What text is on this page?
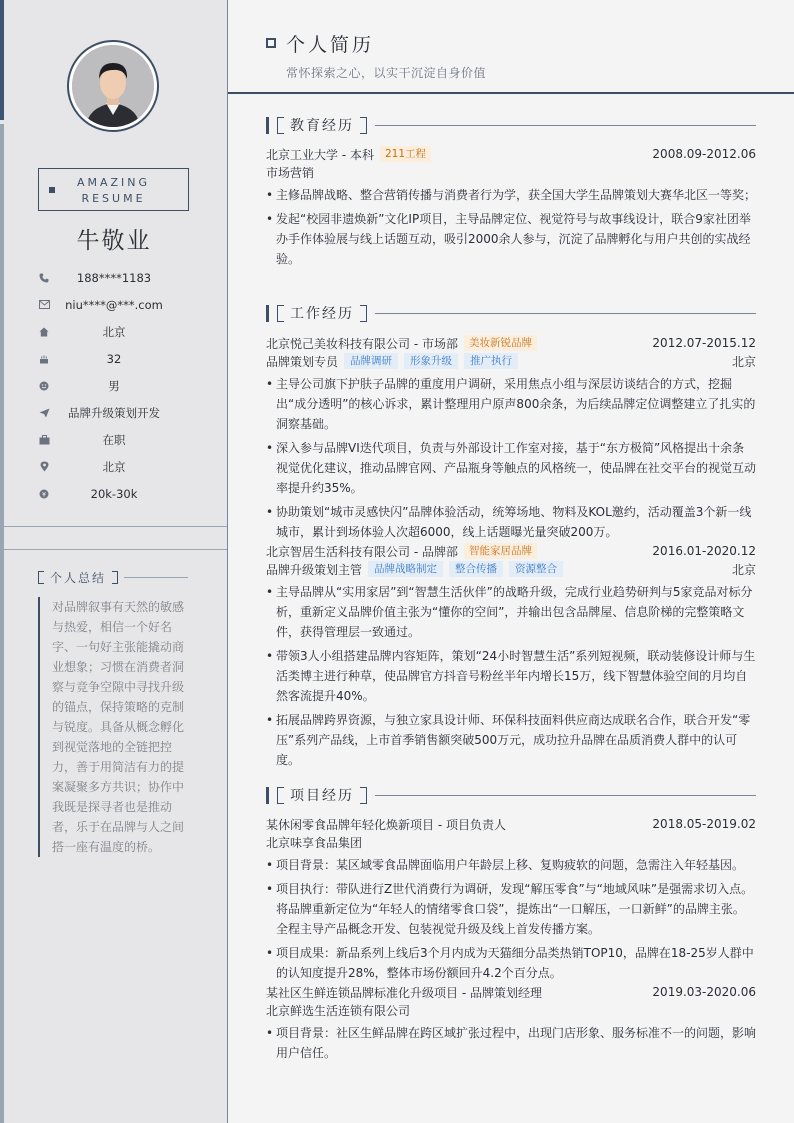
AMAZING
RESUME
牛敬业
188****1183
niu****@***.com
北京
32
男
品牌升级策划开发
在职
北京
20k-30k
个人总结
对品牌叙事有天然的敏感与热爱，相信一个好名字、一句好主张能撬动商业想象；习惯在消费者洞察与竞争空隙中寻找升级的锚点，保持策略的克制与锐度。具备从概念孵化到视觉落地的全链把控力，善于用简洁有力的提案凝聚多方共识；协作中我既是探寻者也是推动者，乐于在品牌与人之间搭一座有温度的桥。
个人简历
常怀探索之心，以实干沉淀自身价值
教育经历
北京工业大学 - 本科	211工程	2008.09-2012.06
市场营销
• 主修品牌战略、整合营销传播与消费者行为学，获全国大学生品牌策划大赛华北区一等奖；
• 发起“校园非遗焕新”文化IP项目，主导品牌定位、视觉符号与故事线设计，联合9家社团举办手作体验展与线上话题互动，吸引2000余人参与，沉淀了品牌孵化与用户共创的实战经验。
工作经历
北京悦己美妆科技有限公司 - 市场部	美妆新锐品牌	2012.07-2015.12
品牌策划专员	品牌调研	形象升级	推广执行	北京
• 主导公司旗下护肤子品牌的重度用户调研，采用焦点小组与深层访谈结合的方式，挖掘出“成分透明”的核心诉求，累计整理用户原声800余条，为后续品牌定位调整建立了扎实的洞察基础。
• 深入参与品牌VI迭代项目，负责与外部设计工作室对接，基于“东方极简”风格提出十余条视觉优化建议，推动品牌官网、产品瓶身等触点的风格统一，使品牌在社交平台的视觉互动率提升约35%。
• 协助策划“城市灵感快闪”品牌体验活动，统筹场地、物料及KOL邀约，活动覆盖3个新一线城市，累计到场体验人次超6000，线上话题曝光量突破200万。
北京智居生活科技有限公司 - 品牌部	智能家居品牌	2016.01-2020.12
品牌升级策划主管	品牌战略制定	整合传播	资源整合	北京
• 主导品牌从“实用家居”到“智慧生活伙伴”的战略升级，完成行业趋势研判与5家竞品对标分析，重新定义品牌价值主张为“懂你的空间”，并输出包含品牌屋、信息阶梯的完整策略文件，获得管理层一致通过。
• 带领3人小组搭建品牌内容矩阵，策划“24小时智慧生活”系列短视频，联动装修设计师与生活类博主进行种草，使品牌官方抖音号粉丝半年内增长15万，线下智慧体验空间的月均自然客流提升40%。
• 拓展品牌跨界资源，与独立家具设计师、环保科技面料供应商达成联名合作，联合开发“零压”系列产品线，上市首季销售额突破500万元，成功拉升品牌在品质消费人群中的认可度。
项目经历
某休闲零食品牌年轻化焕新项目 - 项目负责人	2018.05-2019.02
北京味享食品集团
• 项目背景：某区域零食品牌面临用户年龄层上移、复购疲软的问题，急需注入年轻基因。
• 项目执行：带队进行Z世代消费行为调研，发现“解压零食”与“地域风味”是强需求切入点。将品牌重新定位为“年轻人的情绪零食口袋”，提炼出“一口解压，一口新鲜”的品牌主张。全程主导产品概念开发、包装视觉升级及线上首发传播方案。
• 项目成果：新品系列上线后3个月内成为天猫细分品类热销TOP10，品牌在18-25岁人群中的认知度提升28%，整体市场份额回升4.2个百分点。
某社区生鲜连锁品牌标准化升级项目 - 品牌策划经理	2019.03-2020.06
北京鲜选生活连锁有限公司
• 项目背景：社区生鲜品牌在跨区域扩张过程中，出现门店形象、服务标准不一的问题，影响用户信任。
